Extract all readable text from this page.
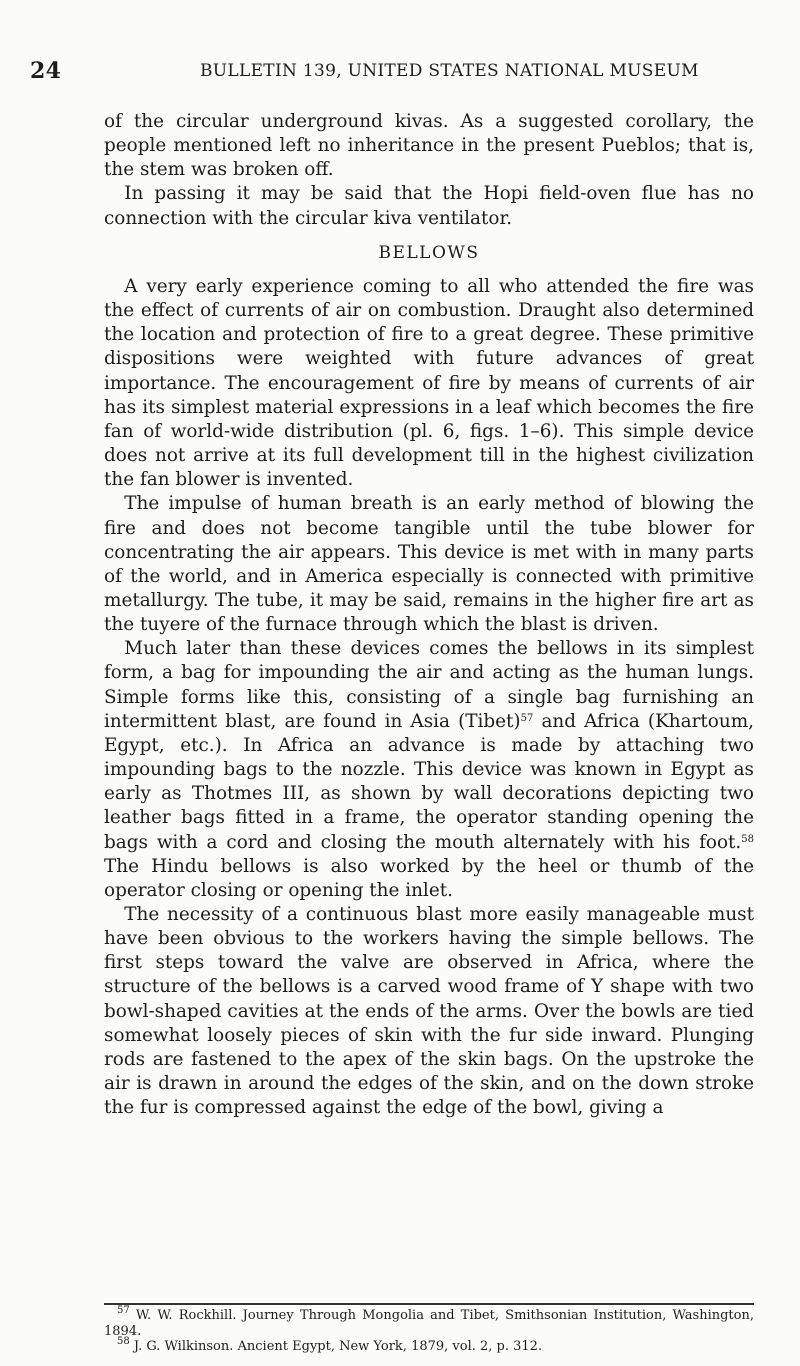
24	BULLETIN 139, UNITED STATES NATIONAL MUSEUM

of the circular underground kivas. As a suggested corollary, the people mentioned left no inheritance in the present Pueblos; that is, the stem was broken off.

In passing it may be said that the Hopi field-oven flue has no connection with the circular kiva ventilator.

BELLOWS

A very early experience coming to all who attended the fire was the effect of currents of air on combustion. Draught also determined the location and protection of fire to a great degree. These primitive dispositions were weighted with future advances of great importance. The encouragement of fire by means of currents of air has its simplest material expressions in a leaf which becomes the fire fan of world-wide distribution (pl. 6, figs. 1–6). This simple device does not arrive at its full development till in the highest civilization the fan blower is invented.

The impulse of human breath is an early method of blowing the fire and does not become tangible until the tube blower for concentrating the air appears. This device is met with in many parts of the world, and in America especially is connected with primitive metallurgy. The tube, it may be said, remains in the higher fire art as the tuyere of the furnace through which the blast is driven.

Much later than these devices comes the bellows in its simplest form, a bag for impounding the air and acting as the human lungs. Simple forms like this, consisting of a single bag furnishing an intermittent blast, are found in Asia (Tibet)$^{57}$ and Africa (Khartoum, Egypt, etc.). In Africa an advance is made by attaching two impounding bags to the nozzle. This device was known in Egypt as early as Thotmes III, as shown by wall decorations depicting two leather bags fitted in a frame, the operator standing opening the bags with a cord and closing the mouth alternately with his foot.$^{58}$ The Hindu bellows is also worked by the heel or thumb of the operator closing or opening the inlet.

The necessity of a continuous blast more easily manageable must have been obvious to the workers having the simple bellows. The first steps toward the valve are observed in Africa, where the structure of the bellows is a carved wood frame of Y shape with two bowl-shaped cavities at the ends of the arms. Over the bowls are tied somewhat loosely pieces of skin with the fur side inward. Plunging rods are fastened to the apex of the skin bags. On the upstroke the air is drawn in around the edges of the skin, and on the down stroke the fur is compressed against the edge of the bowl, giving a

$^{57}$ W. W. Rockhill. Journey Through Mongolia and Tibet, Smithsonian Institution, Washington, 1894.

$^{58}$ J. G. Wilkinson. Ancient Egypt, New York, 1879, vol. 2, p. 312.
